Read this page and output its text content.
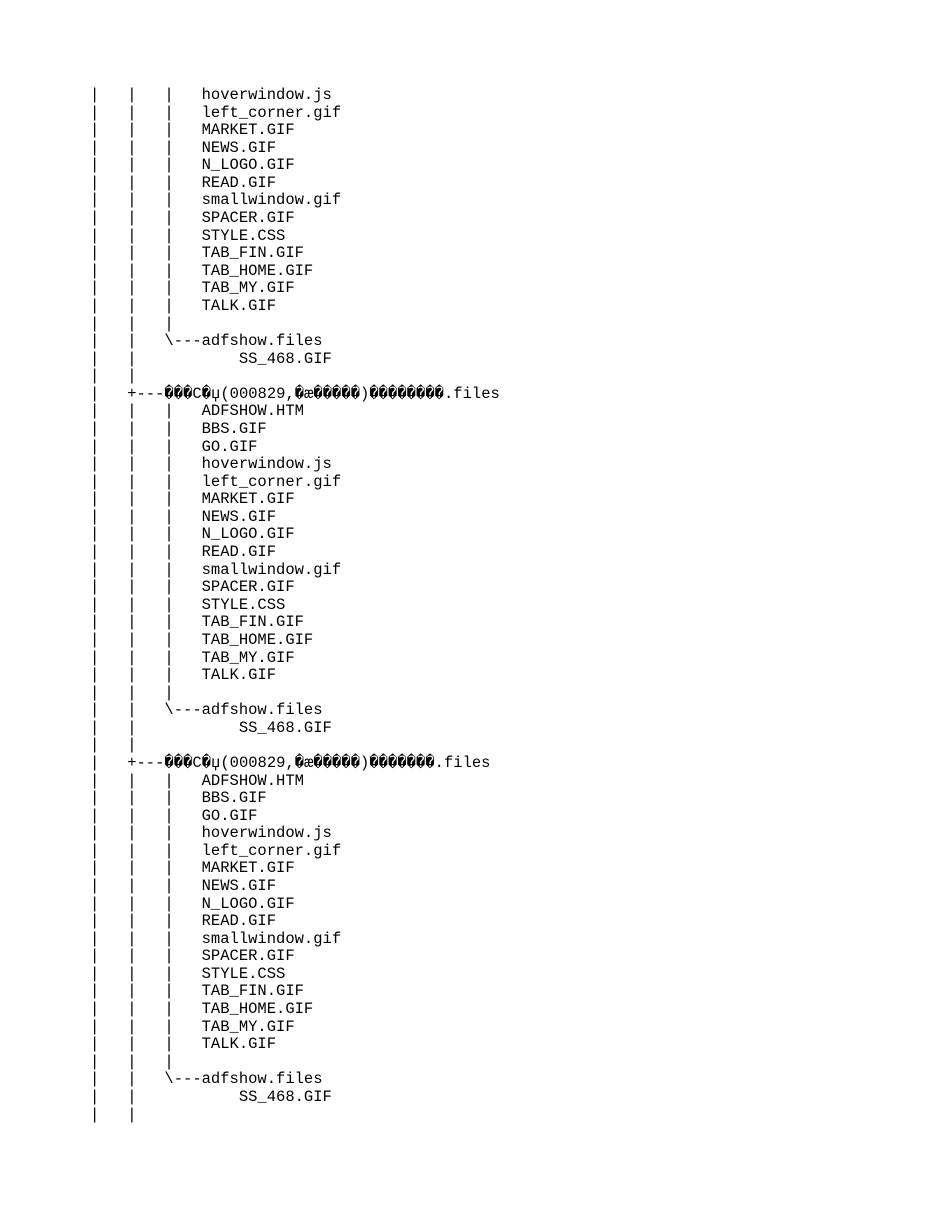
|   |   |   hoverwindow.js
|   |   |   left_corner.gif
|   |   |   MARKET.GIF
|   |   |   NEWS.GIF
|   |   |   N_LOGO.GIF
|   |   |   READ.GIF
|   |   |   smallwindow.gif
|   |   |   SPACER.GIF
|   |   |   STYLE.CSS
|   |   |   TAB_FIN.GIF
|   |   |   TAB_HOME.GIF
|   |   |   TAB_MY.GIF
|   |   |   TALK.GIF
|   |   |
|   |   \---adfshow.files
|   |           SS_468.GIF
|   |
|   +---���C�џ(000829,�æ�����)��������.files
|   |   |   ADFSHOW.HTM
|   |   |   BBS.GIF
|   |   |   GO.GIF
|   |   |   hoverwindow.js
|   |   |   left_corner.gif
|   |   |   MARKET.GIF
|   |   |   NEWS.GIF
|   |   |   N_LOGO.GIF
|   |   |   READ.GIF
|   |   |   smallwindow.gif
|   |   |   SPACER.GIF
|   |   |   STYLE.CSS
|   |   |   TAB_FIN.GIF
|   |   |   TAB_HOME.GIF
|   |   |   TAB_MY.GIF
|   |   |   TALK.GIF
|   |   |
|   |   \---adfshow.files
|   |           SS_468.GIF
|   |
|   +---���C�џ(000829,�æ�����)�������.files
|   |   |   ADFSHOW.HTM
|   |   |   BBS.GIF
|   |   |   GO.GIF
|   |   |   hoverwindow.js
|   |   |   left_corner.gif
|   |   |   MARKET.GIF
|   |   |   NEWS.GIF
|   |   |   N_LOGO.GIF
|   |   |   READ.GIF
|   |   |   smallwindow.gif
|   |   |   SPACER.GIF
|   |   |   STYLE.CSS
|   |   |   TAB_FIN.GIF
|   |   |   TAB_HOME.GIF
|   |   |   TAB_MY.GIF
|   |   |   TALK.GIF
|   |   |
|   |   \---adfshow.files
|   |           SS_468.GIF
|   |
